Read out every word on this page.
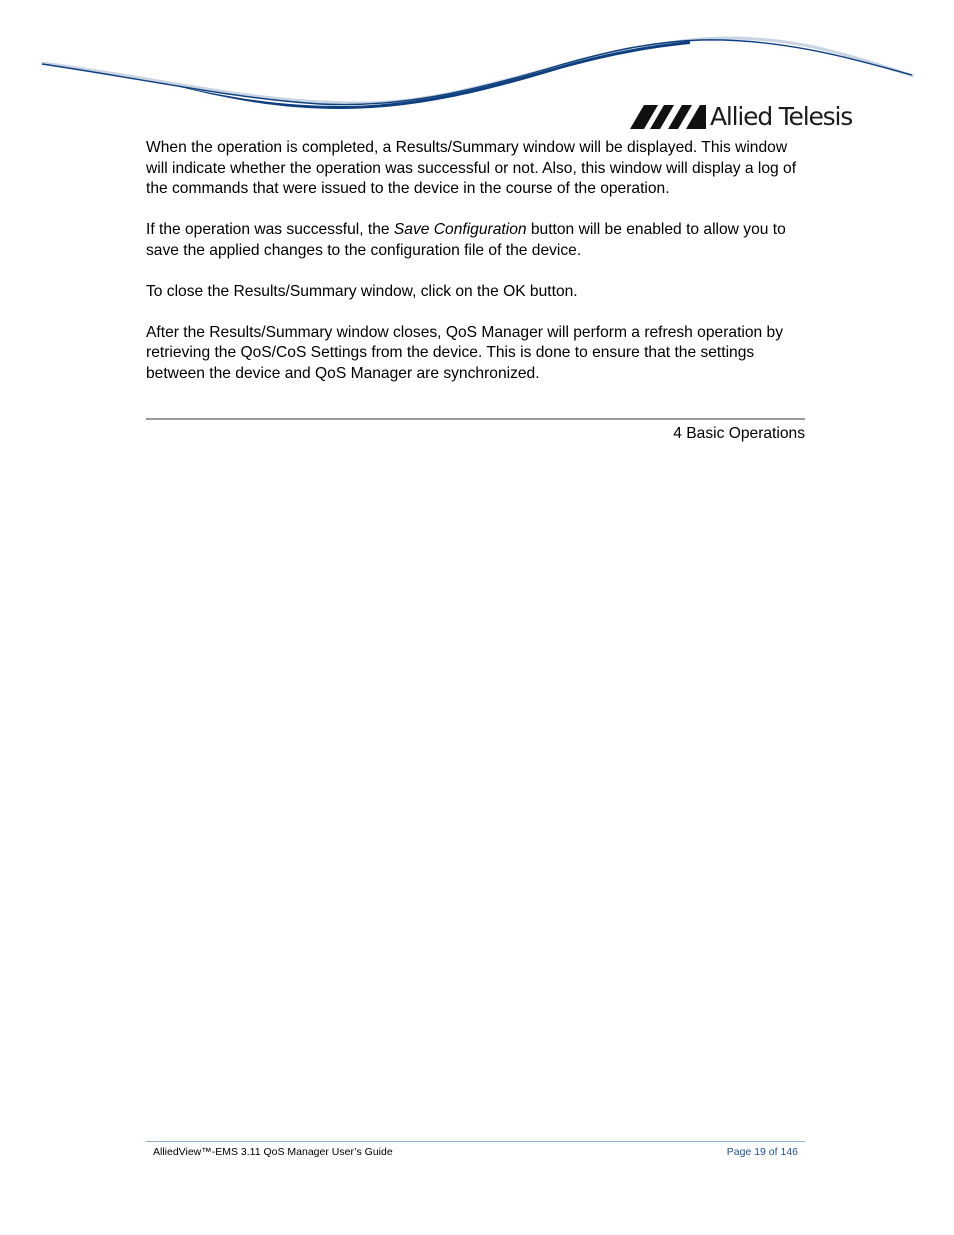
Allied Telesis

When the operation is completed, a Results/Summary window will be displayed. This window will indicate whether the operation was successful or not. Also, this window will display a log of the commands that were issued to the device in the course of the operation.

If the operation was successful, the Save Configuration button will be enabled to allow you to save the applied changes to the configuration file of the device.

To close the Results/Summary window, click on the OK button.

After the Results/Summary window closes, QoS Manager will perform a refresh operation by retrieving the QoS/CoS Settings from the device. This is done to ensure that the settings between the device and QoS Manager are synchronized.

4 Basic Operations
AlliedView™-EMS 3.11 QoS Manager User’s Guide	Page 19 of 146
